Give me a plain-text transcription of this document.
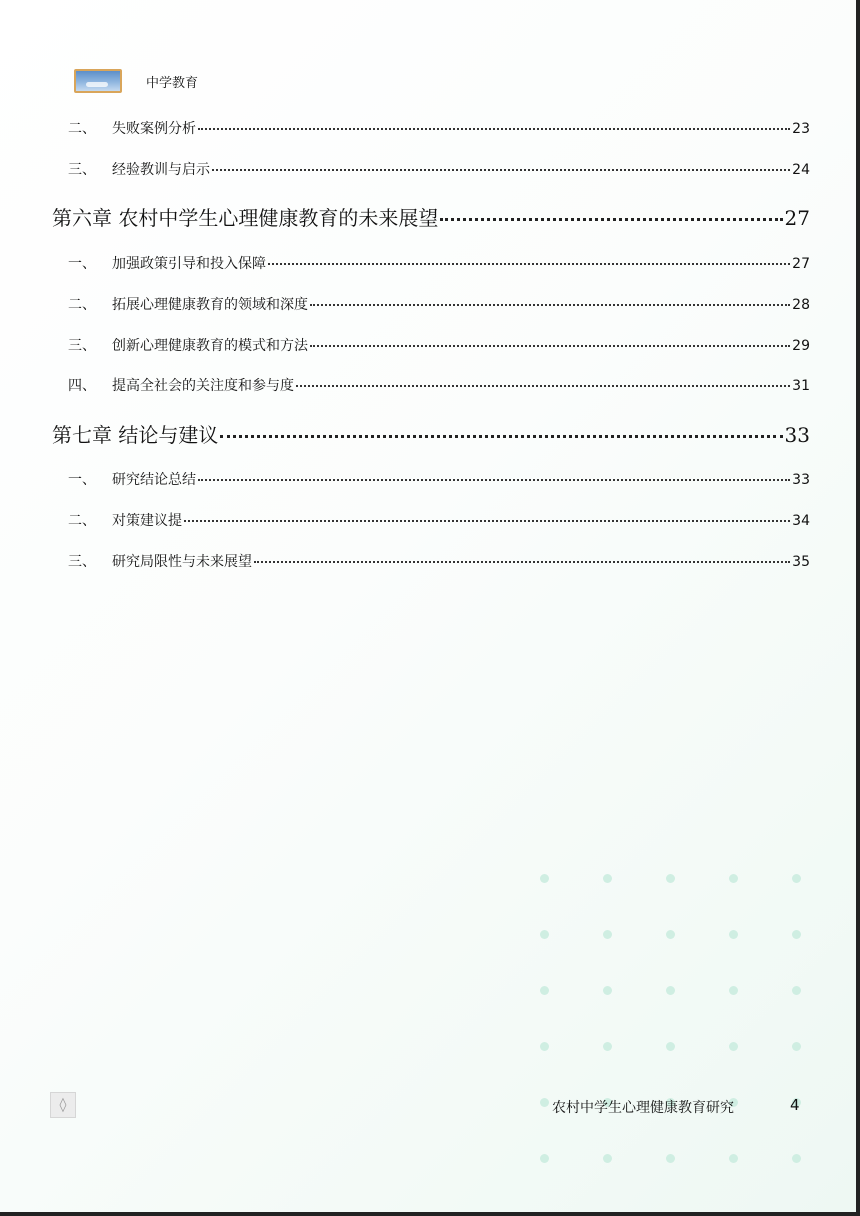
中学教育
二、	失败案例分析	23
三、	经验教训与启示	24
第六章 农村中学生心理健康教育的未来展望	27
一、	加强政策引导和投入保障	27
二、	拓展心理健康教育的领域和深度	28
三、	创新心理健康教育的模式和方法	29
四、	提高全社会的关注度和参与度	31
第七章 结论与建议	33
一、	研究结论总结	33
二、	对策建议提	34
三、	研究局限性与未来展望	35
◊	农村中学生心理健康教育研究	4
